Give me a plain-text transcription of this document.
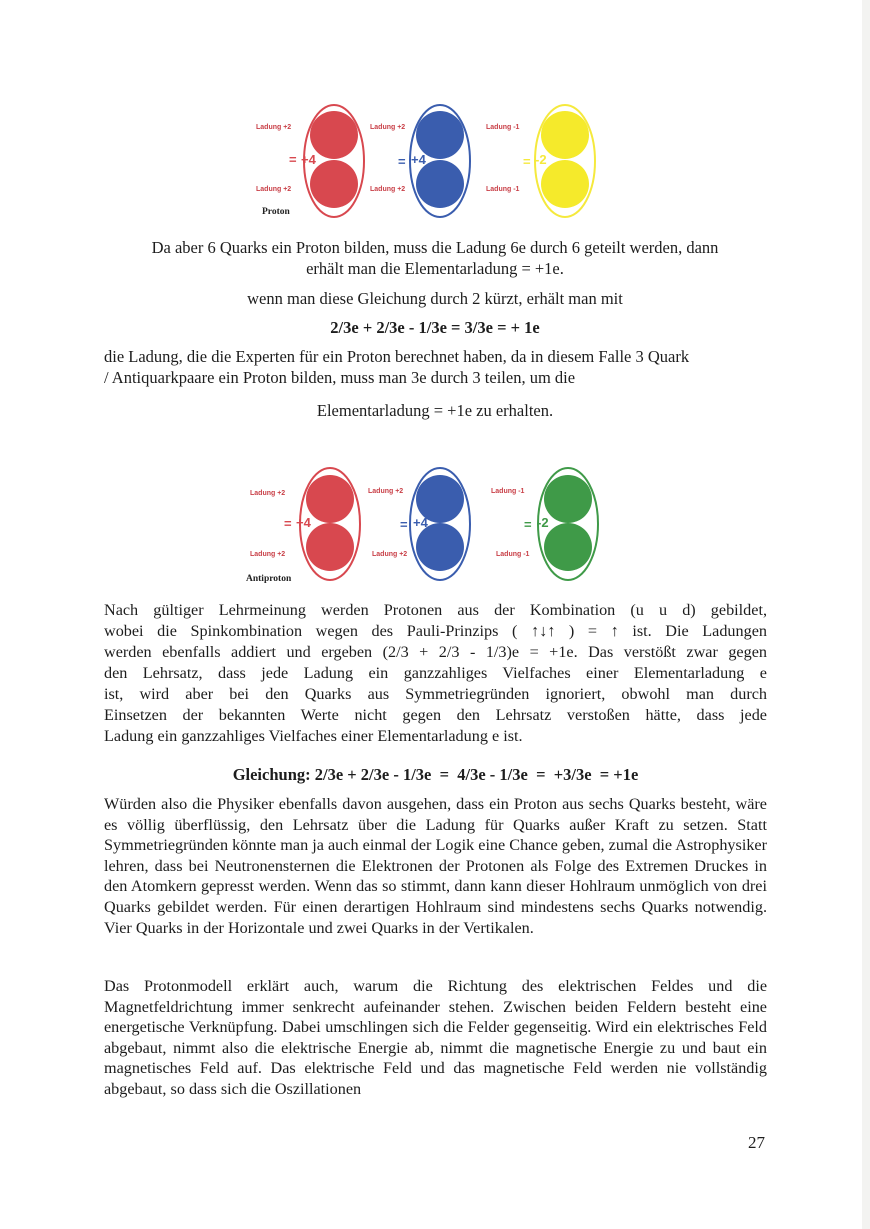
Ladung +2
Ladung +2
= +4
Ladung +2
Ladung +2
= +4
Ladung -1
Ladung -1
= -2
Proton
Da aber 6 Quarks ein Proton bilden, muss die Ladung 6e durch 6 geteilt werden, dann
erhält man die Elementarladung = +1e.
wenn man diese Gleichung durch 2 kürzt, erhält man mit
2/3e + 2/3e - 1/3e = 3/3e = + 1e
die Ladung, die die Experten für ein Proton berechnet haben, da in diesem Falle 3 Quark
/ Antiquarkpaare ein Proton bilden, muss man 3e durch 3 teilen, um die
Elementarladung = +1e zu erhalten.
Ladung +2
Ladung +2
= +4
Ladung +2
Ladung +2
= +4
Ladung -1
Ladung -1
= -2
Antiproton
Nach gültiger Lehrmeinung werden Protonen aus der Kombination (u u d) gebildet,
wobei die Spinkombination wegen des Pauli-Prinzips ( ↑↓↑ ) = ↑ ist. Die Ladungen
werden ebenfalls addiert und ergeben (2/3 + 2/3 - 1/3)e = +1e. Das verstößt zwar gegen
den Lehrsatz, dass jede Ladung ein ganzzahliges Vielfaches einer Elementarladung e
ist, wird aber bei den Quarks aus Symmetriegründen ignoriert, obwohl man durch
Einsetzen der bekannten Werte nicht gegen den Lehrsatz verstoßen hätte, dass jede
Ladung ein ganzzahliges Vielfaches einer Elementarladung e ist.
Gleichung: 2/3e + 2/3e - 1/3e  =  4/3e - 1/3e  =  +3/3e  = +1e
Würden also die Physiker ebenfalls davon ausgehen, dass ein Proton aus sechs Quarks besteht, wäre es völlig überflüssig, den Lehrsatz über die Ladung für Quarks außer Kraft zu setzen. Statt Symmetriegründen könnte man ja auch einmal der Logik eine Chance geben, zumal die Astrophysiker lehren, dass bei Neutronensternen die Elektronen der Protonen als Folge des Extremen Druckes in den Atomkern gepresst werden. Wenn das so stimmt, dann kann dieser Hohlraum unmöglich von drei Quarks gebildet werden. Für einen derartigen Hohlraum sind mindestens sechs Quarks notwendig. Vier Quarks in der Horizontale und zwei Quarks in der Vertikalen.
Das Protonmodell erklärt auch, warum die Richtung des elektrischen Feldes und die Magnetfeldrichtung immer senkrecht aufeinander stehen. Zwischen beiden Feldern besteht eine energetische Verknüpfung. Dabei umschlingen sich die Felder gegenseitig. Wird ein elektrisches Feld abgebaut, nimmt also die elektrische Energie ab, nimmt die magnetische Energie zu und baut ein magnetisches Feld auf. Das elektrische Feld und das magnetische Feld werden nie vollständig abgebaut, so dass sich die Oszillationen
27
